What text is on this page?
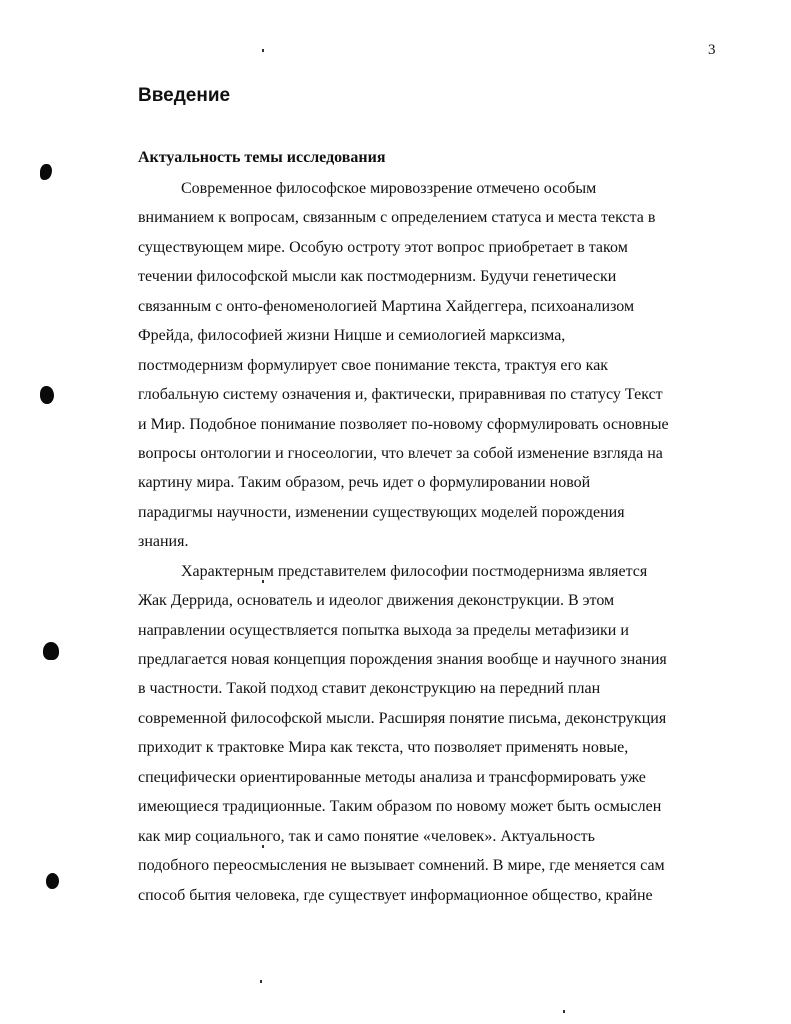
3
Введение
Актуальность темы исследования
Современное философское мировоззрение отмечено особым
вниманием к вопросам, связанным с определением статуса и места текста в
существующем мире. Особую остроту этот вопрос приобретает в таком
течении философской мысли как постмодернизм. Будучи генетически
связанным с онто-феноменологией Мартина Хайдеггера, психоанализом
Фрейда, философией жизни Ницше и семиологией марксизма,
постмодернизм формулирует свое понимание текста, трактуя его как
глобальную систему означения и, фактически, приравнивая по статусу Текст
и Мир. Подобное понимание позволяет по-новому сформулировать основные
вопросы онтологии и гносеологии, что влечет за собой изменение взгляда на
картину мира. Таким образом, речь идет о формулировании новой
парадигмы научности, изменении существующих моделей порождения
знания.
Характерным представителем философии постмодернизма является
Жак Деррида, основатель и идеолог движения деконструкции. В этом
направлении осуществляется попытка выхода за пределы метафизики и
предлагается новая концепция порождения знания вообще и научного знания
в частности. Такой подход ставит деконструкцию на передний план
современной философской мысли. Расширяя понятие письма, деконструкция
приходит к трактовке Мира как текста, что позволяет применять новые,
специфически ориентированные методы анализа и трансформировать уже
имеющиеся традиционные. Таким образом по новому может быть осмыслен
как мир социального, так и само понятие «человек». Актуальность
подобного переосмысления не вызывает сомнений. В мире, где меняется сам
способ бытия человека, где существует информационное общество, крайне
